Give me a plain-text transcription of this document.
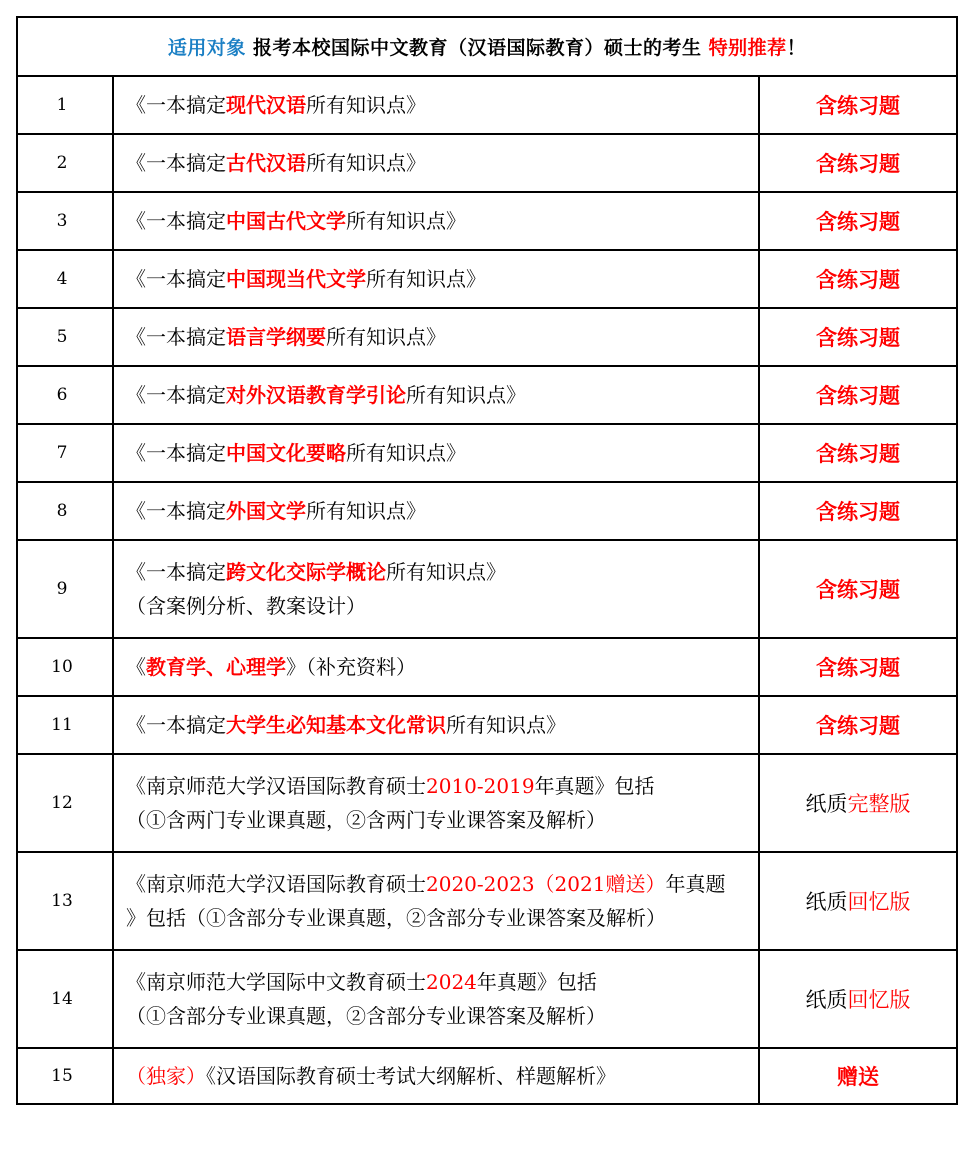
适用对象 报考本校国际中文教育（汉语国际教育）硕士的考生 特别推荐！		
1	《一本搞定现代汉语所有知识点》	含练习题
2	《一本搞定古代汉语所有知识点》	含练习题
3	《一本搞定中国古代文学所有知识点》	含练习题
4	《一本搞定中国现当代文学所有知识点》	含练习题
5	《一本搞定语言学纲要所有知识点》	含练习题
6	《一本搞定对外汉语教育学引论所有知识点》	含练习题
7	《一本搞定中国文化要略所有知识点》	含练习题
8	《一本搞定外国文学所有知识点》	含练习题
9	《一本搞定跨文化交际学概论所有知识点》
（含案例分析、教案设计）	含练习题
10	《教育学、心理学》（补充资料）	含练习题
11	《一本搞定大学生必知基本文化常识所有知识点》	含练习题
12	《南京师范大学汉语国际教育硕士2010-2019年真题》包括
（①含两门专业课真题，②含两门专业课答案及解析）	纸质完整版
13	《南京师范大学汉语国际教育硕士2020-2023（2021赠送）年真题
》包括（①含部分专业课真题，②含部分专业课答案及解析）	纸质回忆版
14	《南京师范大学国际中文教育硕士2024年真题》包括
（①含部分专业课真题，②含部分专业课答案及解析）	纸质回忆版
15	（独家）《汉语国际教育硕士考试大纲解析、样题解析》	赠送
